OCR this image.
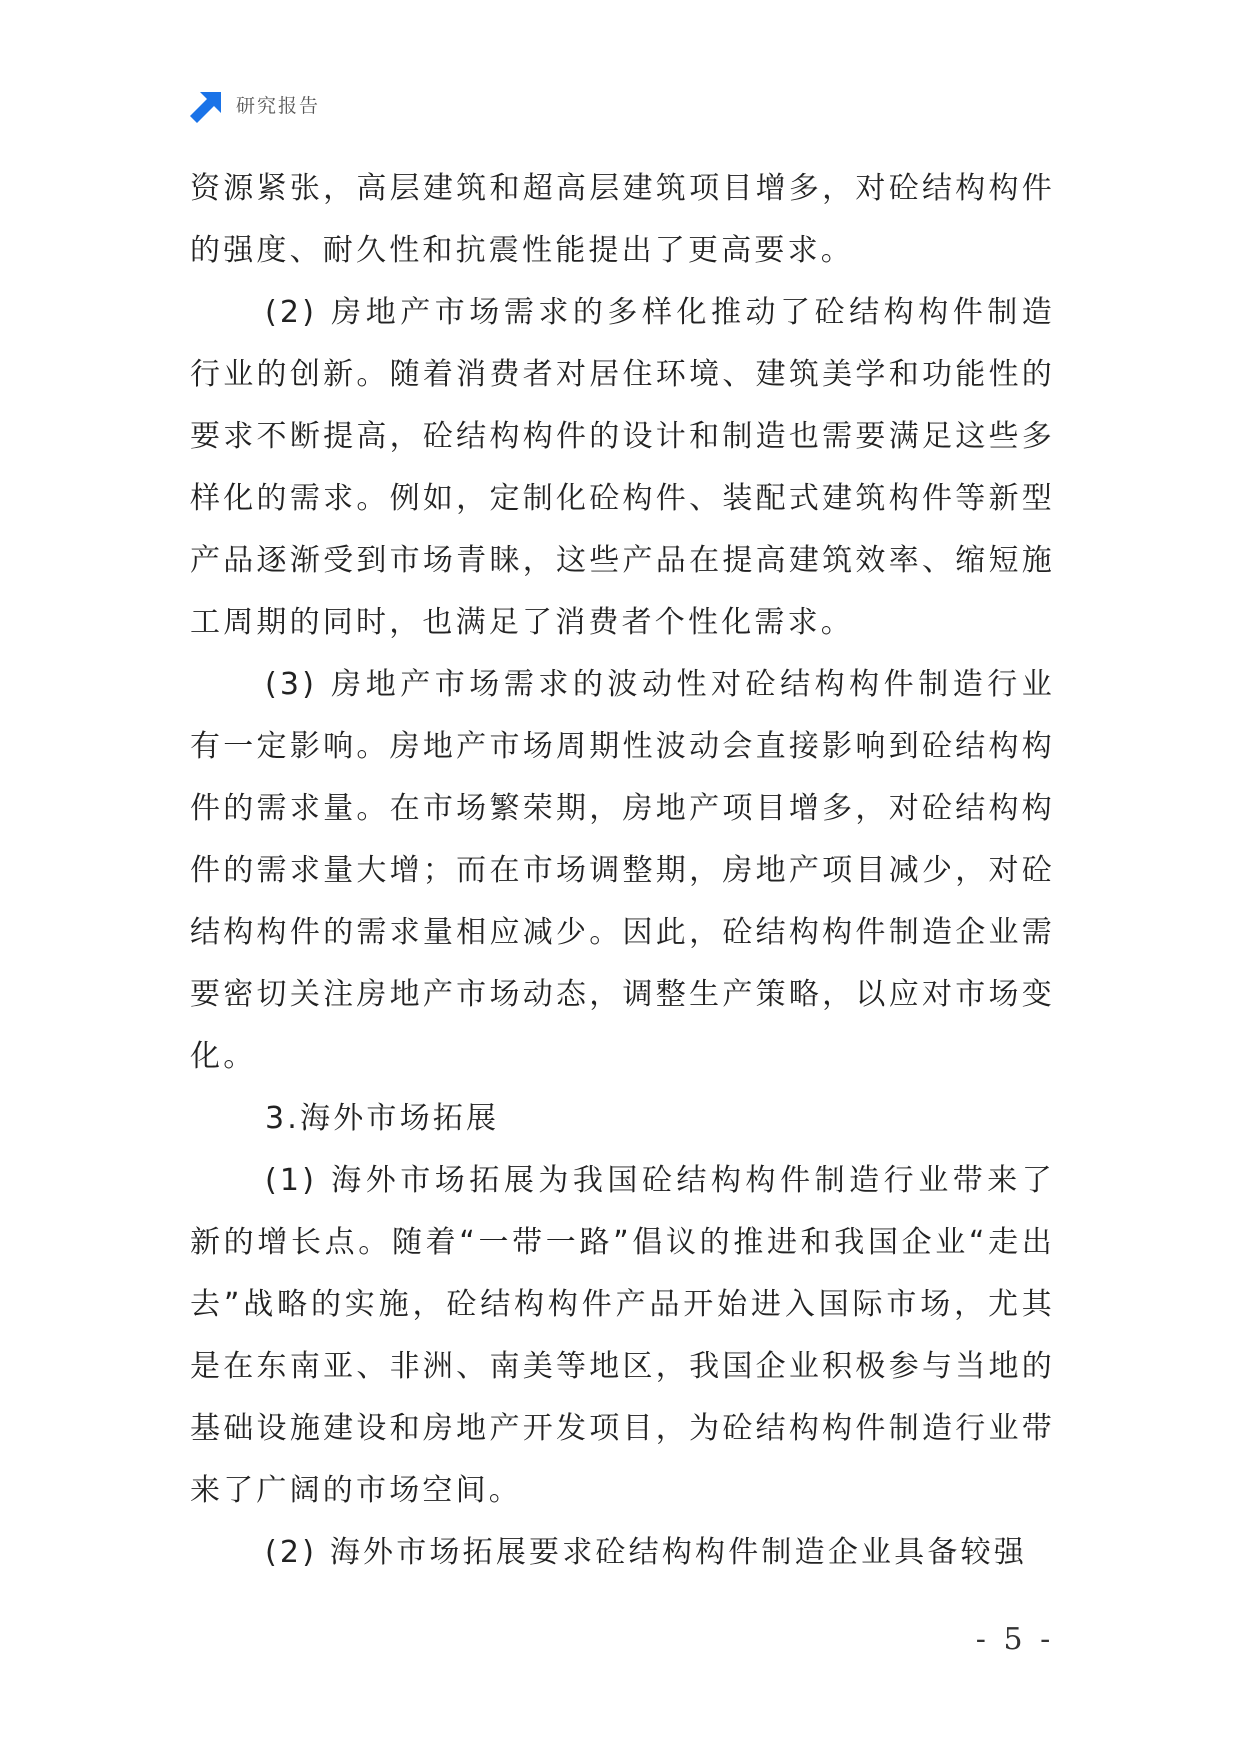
研究报告

资源紧张，高层建筑和超高层建筑项目增多，对砼结构构件的强度、耐久性和抗震性能提出了更高要求。

(2) 房地产市场需求的多样化推动了砼结构构件制造行业的创新。随着消费者对居住环境、建筑美学和功能性的要求不断提高，砼结构构件的设计和制造也需要满足这些多样化的需求。例如，定制化砼构件、装配式建筑构件等新型产品逐渐受到市场青睐，这些产品在提高建筑效率、缩短施工周期的同时，也满足了消费者个性化需求。

(3) 房地产市场需求的波动性对砼结构构件制造行业有一定影响。房地产市场周期性波动会直接影响到砼结构构件的需求量。在市场繁荣期，房地产项目增多，对砼结构构件的需求量大增；而在市场调整期，房地产项目减少，对砼结构构件的需求量相应减少。因此，砼结构构件制造企业需要密切关注房地产市场动态，调整生产策略，以应对市场变化。

3.海外市场拓展

(1) 海外市场拓展为我国砼结构构件制造行业带来了新的增长点。随着“一带一路”倡议的推进和我国企业“走出去”战略的实施，砼结构构件产品开始进入国际市场，尤其是在东南亚、非洲、南美等地区，我国企业积极参与当地的基础设施建设和房地产开发项目，为砼结构构件制造行业带来了广阔的市场空间。

(2) 海外市场拓展要求砼结构构件制造企业具备较强

- 5 -
